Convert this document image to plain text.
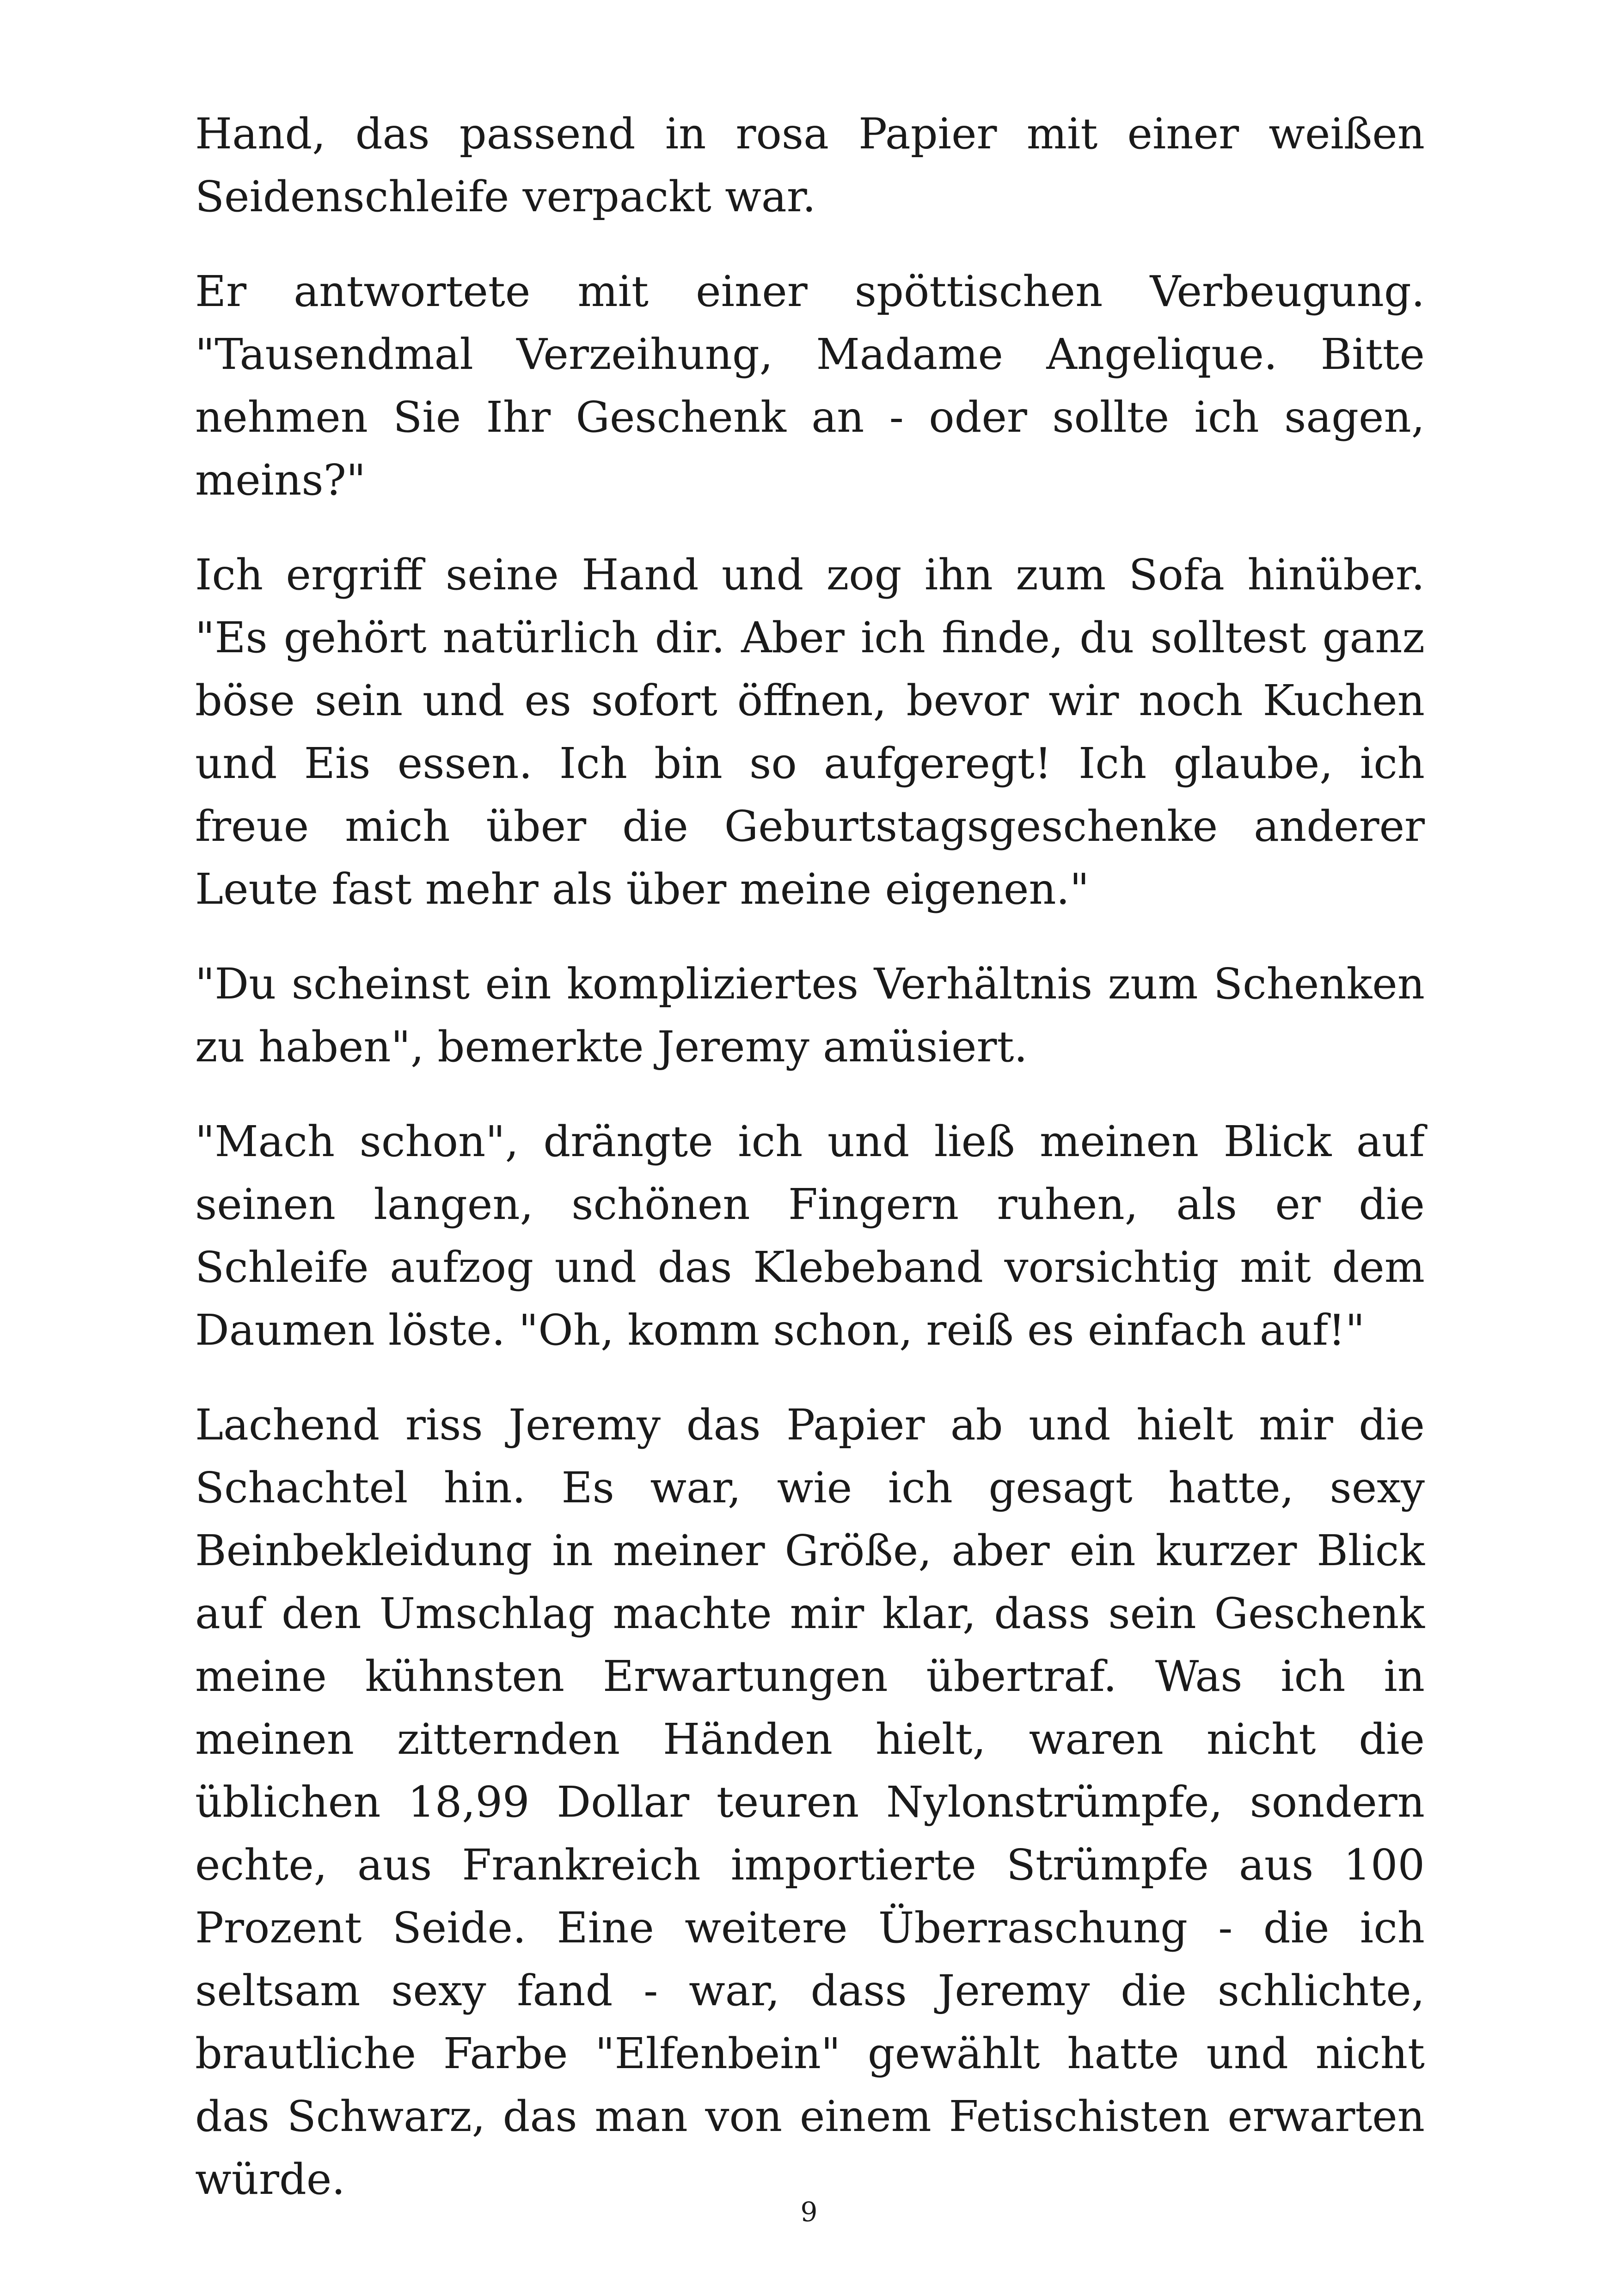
Hand, das passend in rosa Papier mit einer weißen Seidenschleife verpackt war.

Er antwortete mit einer spöttischen Verbeugung. "Tausendmal Verzeihung, Madame Angelique. Bitte nehmen Sie Ihr Geschenk an - oder sollte ich sagen, meins?"

Ich ergriff seine Hand und zog ihn zum Sofa hinüber. "Es gehört natürlich dir. Aber ich finde, du solltest ganz böse sein und es sofort öffnen, bevor wir noch Kuchen und Eis essen. Ich bin so aufgeregt! Ich glaube, ich freue mich über die Geburtstagsgeschenke anderer Leute fast mehr als über meine eigenen."

"Du scheinst ein kompliziertes Verhältnis zum Schenken zu haben", bemerkte Jeremy amüsiert.

"Mach schon", drängte ich und ließ meinen Blick auf seinen langen, schönen Fingern ruhen, als er die Schleife aufzog und das Klebeband vorsichtig mit dem Daumen löste. "Oh, komm schon, reiß es einfach auf!"

Lachend riss Jeremy das Papier ab und hielt mir die Schachtel hin. Es war, wie ich gesagt hatte, sexy Beinbekleidung in meiner Größe, aber ein kurzer Blick auf den Umschlag machte mir klar, dass sein Geschenk meine kühnsten Erwartungen übertraf. Was ich in meinen zitternden Händen hielt, waren nicht die üblichen 18,99 Dollar teuren Nylonstrümpfe, sondern echte, aus Frankreich importierte Strümpfe aus 100 Prozent Seide. Eine weitere Überraschung - die ich seltsam sexy fand - war, dass Jeremy die schlichte, brautliche Farbe "Elfenbein" gewählt hatte und nicht das Schwarz, das man von einem Fetischisten erwarten würde.

9
